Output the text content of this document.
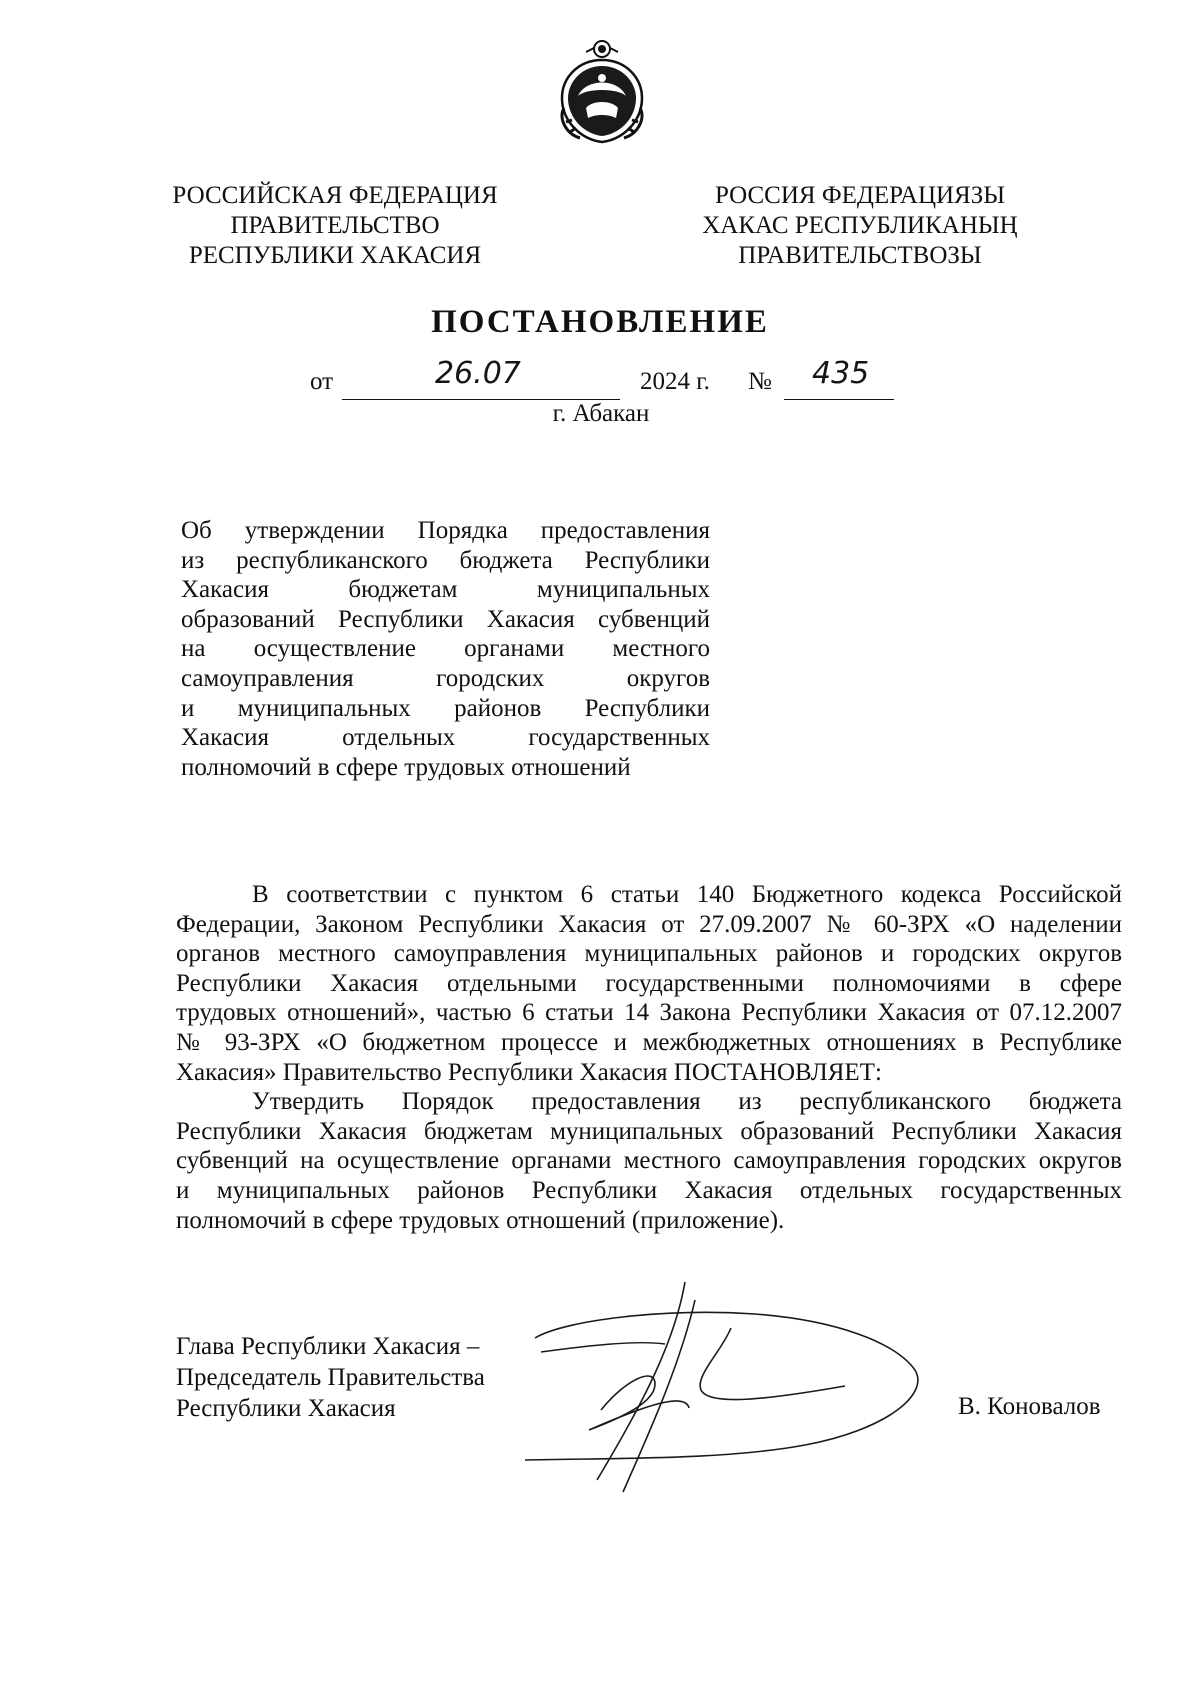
РОССИЙСКАЯ ФЕДЕРАЦИЯ
ПРАВИТЕЛЬСТВО
РЕСПУБЛИКИ ХАКАСИЯ
РОССИЯ ФЕДЕРАЦИЯЗЫ
ХАКАС РЕСПУБЛИКАНЫҢ
ПРАВИТЕЛЬСТВОЗЫ
ПОСТАНОВЛЕНИЕ
от	26.07	2024 г. № 435
г. Абакан
Об утверждении Порядка предоставления
из республиканского бюджета Республики
Хакасия бюджетам муниципальных
образований Республики Хакасия субвенций
на осуществление органами местного
самоуправления городских округов
и муниципальных районов Республики
Хакасия отдельных государственных
полномочий в сфере трудовых отношений
В соответствии с пунктом 6 статьи 140 Бюджетного кодекса Российской
Федерации, Законом Республики Хакасия от 27.09.2007 № 60-ЗРХ «О наделении
органов местного самоуправления муниципальных районов и городских округов
Республики Хакасия отдельными государственными полномочиями в сфере
трудовых отношений», частью 6 статьи 14 Закона Республики Хакасия от 07.12.2007
№ 93-ЗРХ «О бюджетном процессе и межбюджетных отношениях в Республике
Хакасия» Правительство Республики Хакасия ПОСТАНОВЛЯЕТ:
Утвердить Порядок предоставления из республиканского бюджета
Республики Хакасия бюджетам муниципальных образований Республики Хакасия
субвенций на осуществление органами местного самоуправления городских округов
и муниципальных районов Республики Хакасия отдельных государственных
полномочий в сфере трудовых отношений (приложение).
Глава Республики Хакасия –
Председатель Правительства
Республики Хакасия	В. Коновалов
